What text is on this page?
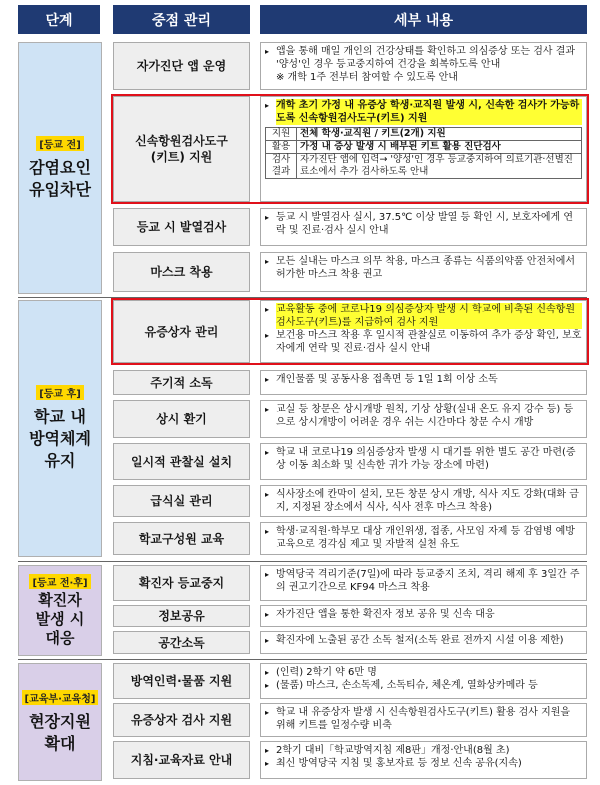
단계	중점 관리	세부 내용
[등교 전]
감염요인
유입차단
자가진단 앱 운영
▸ 앱을 통해 매일 개인의 건강상태를 확인하고 의심증상 또는 검사 결과 '양성'인 경우 등교중지하여 건강을 회복하도록 안내
※ 개학 1주 전부터 참여할 수 있도록 안내
신속항원검사도구
(키트) 지원
▸ 개학 초기 가정 내 유증상 학생·교직원 발생 시, 신속한 검사가 가능하도록 신속항원검사도구(키트) 지원
지원	전체 학생·교직원 / 키트(2개) 지원
활용	가정 내 증상 발생 시 배부된 키트 활용 진단검사
검사 결과	자가진단 앱에 입력→ '양성'인 경우 등교중지하여 의료기관·선별진료소에서 추가 검사하도록 안내
등교 시 발열검사
▸ 등교 시 발열검사 실시, 37.5℃ 이상 발열 등 확인 시, 보호자에게 연락 및 진료·검사 실시 안내
마스크 착용
▸ 모든 실내는 마스크 의무 착용, 마스크 종류는 식품의약품 안전처에서 허가한 마스크 착용 권고
[등교 후]
학교 내
방역체계
유지
유증상자 관리
▸ 교육활동 중에 코로나19 의심증상자 발생 시 학교에 비축된 신속항원검사도구(키트)를 지급하여 검사 지원
▸ 보건용 마스크 착용 후 일시적 관찰실로 이동하여 추가 증상 확인, 보호자에게 연락 및 진료·검사 실시 안내
주기적 소독	▸ 개인물품 및 공동사용 접촉면 등 1일 1회 이상 소독
상시 환기
▸ 교실 등 창문은 상시개방 원칙, 기상 상황(실내 온도 유지 강수 등) 등으로 상시개방이 어려운 경우 쉬는 시간마다 창문 수시 개방
일시적 관찰실 설치
▸ 학교 내 코로나19 의심증상자 발생 시 대기를 위한 별도 공간 마련(증상 이동 최소화 및 신속한 귀가 가능 장소에 마련)
급식실 관리	▸ 식사장소에 칸막이 설치, 모든 창문 상시 개방, 식사 지도 강화(대화 금지, 지정된 장소에서 식사, 식사 전후 마스크 착용)
학교구성원 교육	▸ 학생·교직원·학부모 대상 개인위생, 접종, 사모임 자제 등 감염병 예방 교육으로 경각심 제고 및 자발적 실천 유도
[등교 전·후]
확진자
발생 시
대응
확진자 등교중지
▸ 방역당국 격리기준(7일)에 따라 등교중지 조치, 격리 해제 후 3일간 주의 권고기간으로 KF94 마스크 착용
정보공유	▸ 자가진단 앱을 통한 확진자 정보 공유 및 신속 대응
공간소독	▸ 확진자에 노출된 공간 소독 철저(소독 완료 전까지 시설 이용 제한)
[교육부·교육청]
현장지원
확대
방역인력·물품 지원
▸ (인력) 2학기 약 6만 명
▸ (물품) 마스크, 손소독제, 소독티슈, 체온계, 열화상카메라 등
유증상자 검사 지원
▸ 학교 내 유증상자 발생 시 신속항원검사도구(키트) 활용 검사 지원을 위해 키트를 일정수량 비축
지침·교육자료 안내
▸ 2학기 대비「학교방역지침 제8판」개정·안내(8월 초)
▸ 최신 방역당국 지침 및 홍보자료 등 정보 신속 공유(지속)
